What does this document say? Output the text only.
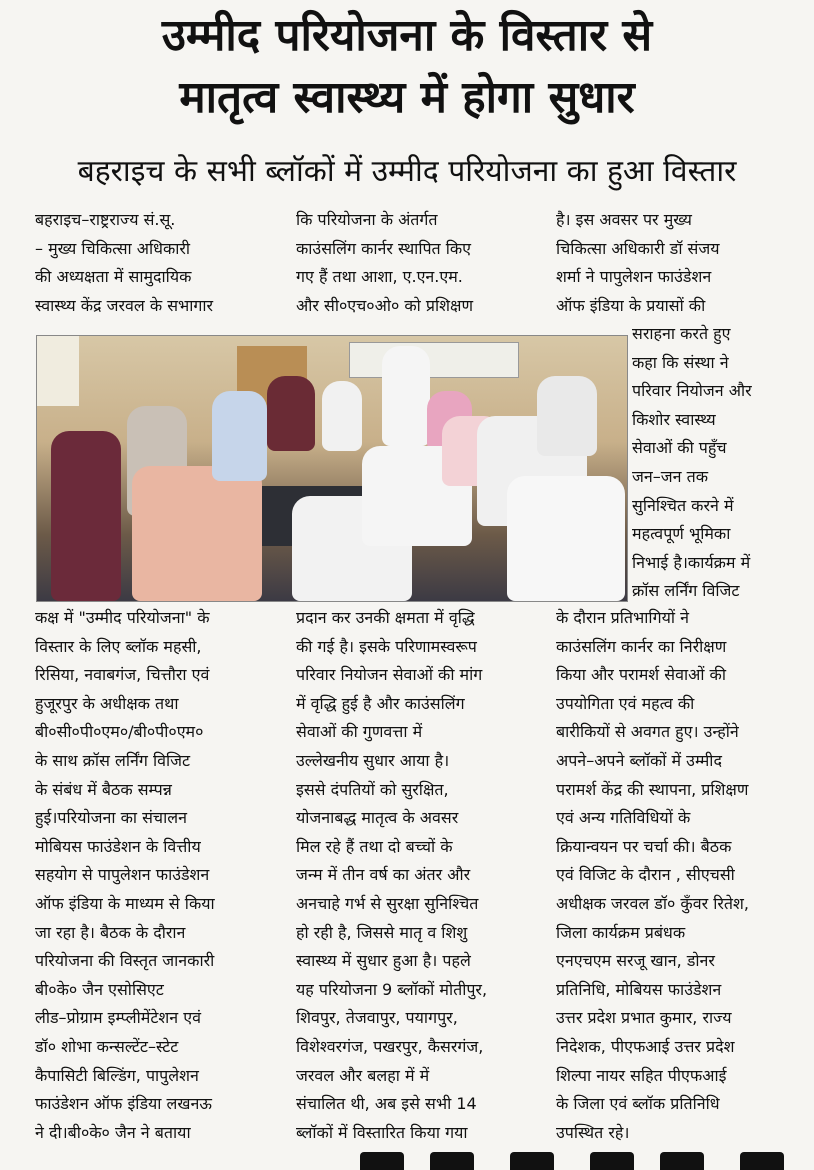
उम्मीद परियोजना के विस्तार से
मातृत्व स्वास्थ्य में होगा सुधार
बहराइच के सभी ब्लॉकों में उम्मीद परियोजना का हुआ विस्तार
बहराइच–राष्ट्रराज्य सं.सू.
– मुख्य चिकित्सा अधिकारी
की अध्यक्षता में सामुदायिक
स्वास्थ्य केंद्र जरवल के सभागार
कि परियोजना के अंतर्गत
काउंसलिंग कार्नर स्थापित किए
गए हैं तथा आशा, ए.एन.एम.
और सी०एच०ओ० को प्रशिक्षण
है। इस अवसर पर मुख्य
चिकित्सा अधिकारी डॉ संजय
शर्मा ने पापुलेशन फाउंडेशन
ऑफ इंडिया के प्रयासों की
सराहना करते हुए
कहा कि संस्था ने
परिवार नियोजन और
किशोर स्वास्थ्य
सेवाओं की पहुँच
जन–जन तक
सुनिश्चित करने में
महत्वपूर्ण भूमिका
निभाई है।कार्यक्रम में
क्रॉस लर्निंग विजिट
कक्ष में "उम्मीद परियोजना" के
विस्तार के लिए ब्लॉक महसी,
रिसिया, नवाबगंज, चित्तौरा एवं
हुजूरपुर के अधीक्षक तथा
बी०सी०पी०एम०/बी०पी०एम०
के साथ क्रॉस लर्निंग विजिट
के संबंध में बैठक सम्पन्न
हुई।परियोजना का संचालन
मोबियस फाउंडेशन के वित्तीय
सहयोग से पापुलेशन फाउंडेशन
ऑफ इंडिया के माध्यम से किया
जा रहा है। बैठक के दौरान
परियोजना की विस्तृत जानकारी
बी०के० जैन एसोसिएट
लीड–प्रोग्राम इम्प्लीमेंटेशन एवं
डॉ० शोभा कन्सल्टेंट–स्टेट
कैपासिटी बिल्डिंग, पापुलेशन
फाउंडेशन ऑफ इंडिया लखनऊ
ने दी।बी०के० जैन ने बताया
प्रदान कर उनकी क्षमता में वृद्धि
की गई है। इसके परिणामस्वरूप
परिवार नियोजन सेवाओं की मांग
में वृद्धि हुई है और काउंसलिंग
सेवाओं की गुणवत्ता में
उल्लेखनीय सुधार आया है।
इससे दंपतियों को सुरक्षित,
योजनाबद्ध मातृत्व के अवसर
मिल रहे हैं तथा दो बच्चों के
जन्म में तीन वर्ष का अंतर और
अनचाहे गर्भ से सुरक्षा सुनिश्चित
हो रही है, जिससे मातृ व शिशु
स्वास्थ्य में सुधार हुआ है। पहले
यह परियोजना 9 ब्लॉकों मोतीपुर,
शिवपुर, तेजवापुर, पयागपुर,
विशेश्वरगंज, पखरपुर, कैसरगंज,
जरवल और बलहा में में
संचालित थी, अब इसे सभी 14
ब्लॉकों में विस्तारित किया गया
के दौरान प्रतिभागियों ने
काउंसलिंग कार्नर का निरीक्षण
किया और परामर्श सेवाओं की
उपयोगिता एवं महत्व की
बारीकियों से अवगत हुए। उन्होंने
अपने–अपने ब्लॉकों में उम्मीद
परामर्श केंद्र की स्थापना, प्रशिक्षण
एवं अन्य गतिविधियों के
क्रियान्वयन पर चर्चा की। बैठक
एवं विजिट के दौरान , सीएचसी
अधीक्षक जरवल डॉ० कुँवर रितेश,
जिला कार्यक्रम प्रबंधक
एनएचएम सरजू खान, डोनर
प्रतिनिधि, मोबियस फाउंडेशन
उत्तर प्रदेश प्रभात कुमार, राज्य
निदेशक, पीएफआई उत्तर प्रदेश
शिल्पा नायर सहित पीएफआई
के जिला एवं ब्लॉक प्रतिनिधि
उपस्थित रहे।
